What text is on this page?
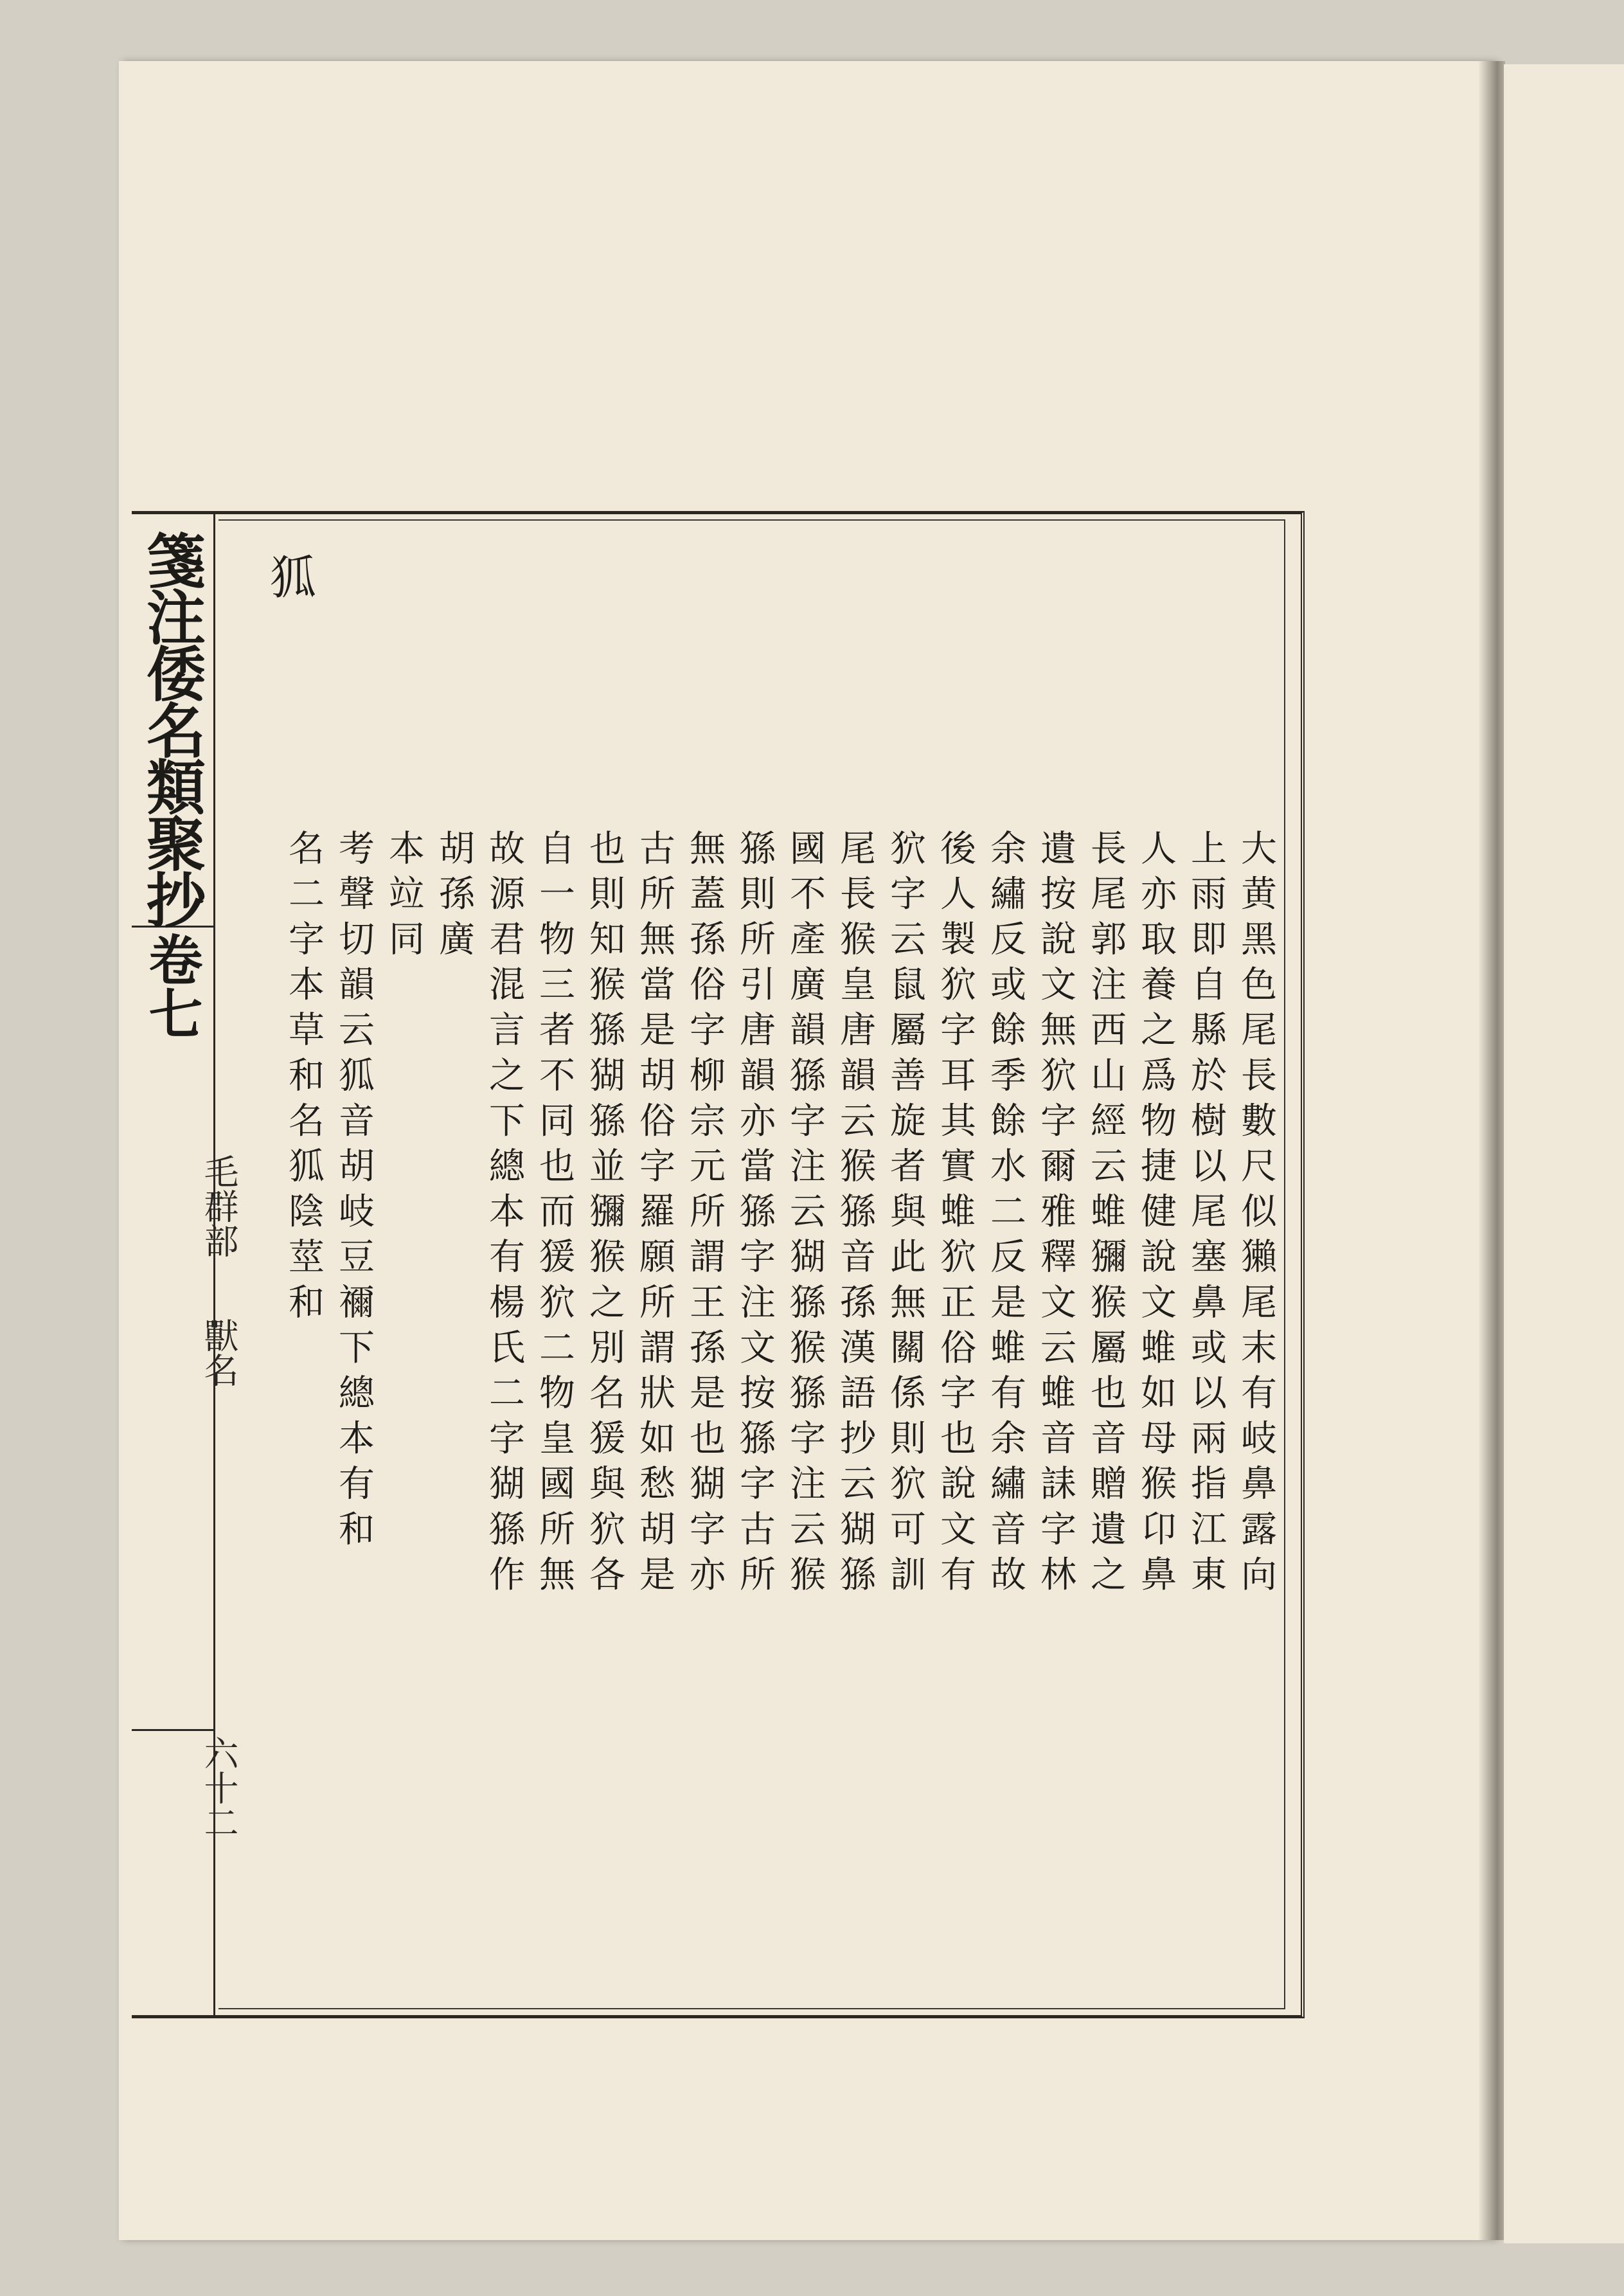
箋注倭名類聚抄
卷七
毛群部
獸名
六十二
狐
大黄黑色尾長數尺似獺尾末有岐鼻露向
上雨即自縣於樹以尾塞鼻或以兩指江東
人亦取養之爲物捷健說文蜼如母猴卬鼻
長尾郭注西山經云蜼獼猴屬也音贈遺之
遺按說文無狖字爾雅釋文云蜼音誄字林
余繡反或餘季餘水二反是蜼有余繡音故
後人製狖字耳其實蜼狖正俗字也說文有
狖字云鼠屬善旋者與此無關係則狖可訓
尾長猴皇唐韻云猴猻音孫漢語抄云猢猻
國不產廣韻猻字注云猢猻猴猻字注云猴
猻則所引唐韻亦當猻字注文按猻字古所
無蓋孫俗字柳宗元所謂王孫是也猢字亦
古所無當是胡俗字羅願所謂狀如愁胡是
也則知猴猻猢猻並獼猴之別名猨與狖各
自一物三者不同也而猨狖二物皇國所無
故源君混言之下總本有楊氏二字猢猻作
胡孫廣
本竝同
考聲切韻云狐音胡岐豆禰下總本有和
名二字本草和名狐陰莖和
